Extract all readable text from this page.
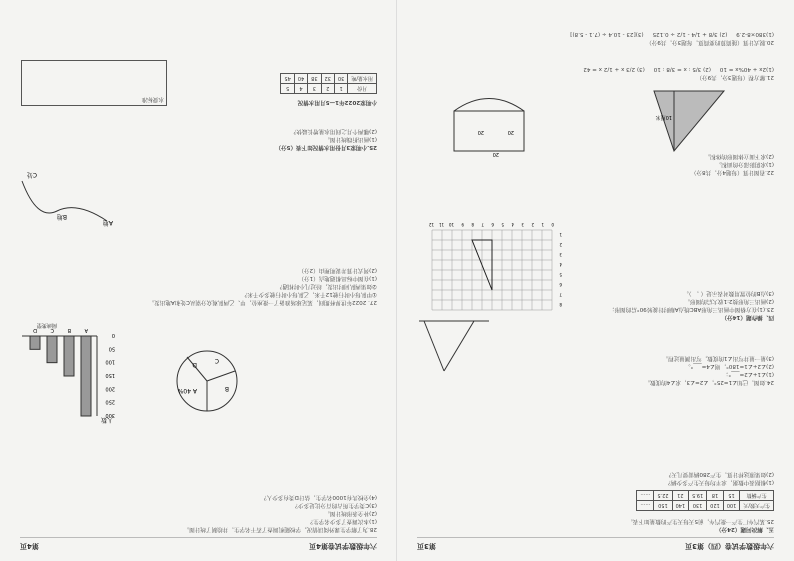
六年级数学试卷第4页
第4页
28.为了解学生课外阅读情况，学校随机调查了若干名学生，并绘制了统计图。
(1)本次调查了多少名学生？
(2)补全条形统计图。
(3)C类学生所占的百分比是多少？
(4)全校共有1000名学生，估计D类有多少人？
A 40%	B
C
D
人数
阅读类型
300
250
200
150
100
50
0
A
B
C
D
27. 2022年世界杯期间，某足球场准备了一批座位，甲、乙两队观众分别从C处和A地出发。
①甲队每小时行驶12千米，乙队每小时行驶多少千米？
②如果两队同时出发，经过几小时相遇？
(1)在图中标出相遇地点（1分）
(2)列式计算并说明理由（2分）
A地
C处
B地
25.小明家3月份用水情况如下表（5分）
(1)画出折线统计图。
(2)哪两个月之间用水量增长最快？
小明家2022年1—5月用水情况
月份	1	2	3	4	5
用水量/吨	30	32	38	40	45
水费标准
六年级数学试卷（四）第3页
第3页
五、解决问题（24分）
25.某汽车厂生产一批汽车，前5天每天生产的数量如下表。
生产天数/天	100	120	130	140	150	……
生产辆数	15	18	19.5	21	22.5	……
(1)根据表中数据，求平均每天生产多少辆？
(2)如果照这样计算，生产280辆需要几天？
24.如图，已知∠1=25°，∠2=∠3，求∠4的度数。
(1)∠1+∠2=___°；
(2)∠2+∠1=180°，则∠4=___°。
(3)量一量并写出∠1的度数，写出测量过程。
四、操作题（14分）
23.(1)在方格图中画出三角形ABC绕点A顺时针旋转90°后的图形；
(2)画出三角形按2:1放大后的图形。
(3)点B的位置用数对表示是（ ， ）。
0
1
2
3
4
5
6
7
8
9
10
11
12
1
2
3
4
5
6
7
8
22.看图计算（每题4分，共8分）
(1)求阴影部分的面积。
(2)求下面立体图形的体积。
10厘米
20
20
20
21.解方程（每题3分，共9分）
(1)2x + 40%x = 10     (2) 3/5 : x = 3/8 : 10     (3) 2/3 x + 1/2 x = 42
20.脱式计算（能简算的要简算，每题3分，共9分）
(1)380×8-2.9     (2) 3/8 + 1/4 - 1/2 ÷ 0.125     (3)[23 - 10.4 ÷ (7.1 - 5.8)]
